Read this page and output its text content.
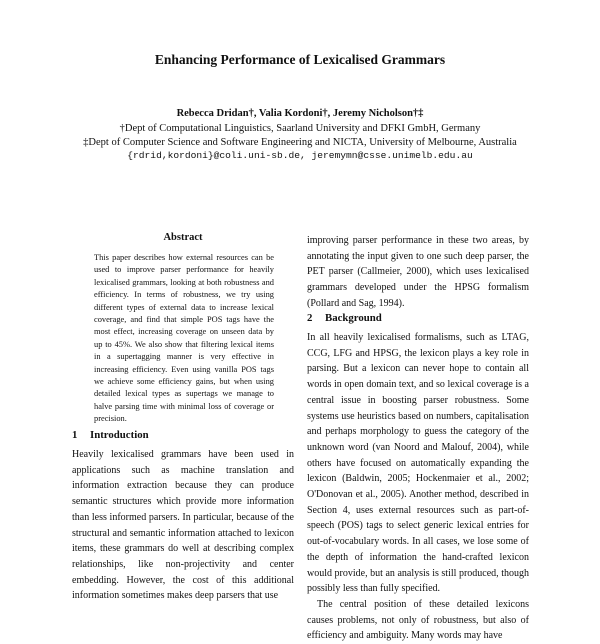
Enhancing Performance of Lexicalised Grammars
Rebecca Dridan†, Valia Kordoni†, Jeremy Nicholson†‡
†Dept of Computational Linguistics, Saarland University and DFKI GmbH, Germany
‡Dept of Computer Science and Software Engineering and NICTA, University of Melbourne, Australia
{rdrid,kordoni}@coli.uni-sb.de, jeremymn@csse.unimelb.edu.au
Abstract
This paper describes how external resources can be used to improve parser performance for heavily lexicalised grammars, looking at both robustness and efficiency. In terms of robustness, we try using different types of external data to increase lexical coverage, and find that simple POS tags have the most effect, increasing coverage on unseen data by up to 45%. We also show that filtering lexical items in a supertagging manner is very effective in increasing efficiency. Even using vanilla POS tags we achieve some efficiency gains, but when using detailed lexical types as supertags we manage to halve parsing time with minimal loss of coverage or precision.
1 Introduction

Heavily lexicalised grammars have been used in applications such as machine translation and information extraction because they can produce semantic structures which provide more information than less informed parsers. In particular, because of the structural and semantic information attached to lexicon items, these grammars do well at describing complex relationships, like non-projectivity and center embedding. However, the cost of this additional information sometimes makes deep parsers that use

improving parser performance in these two areas, by annotating the input given to one such deep parser, the PET parser (Callmeier, 2000), which uses lexicalised grammars developed under the HPSG formalism (Pollard and Sag, 1994).

2 Background

In all heavily lexicalised formalisms, such as LTAG, CCG, LFG and HPSG, the lexicon plays a key role in parsing. But a lexicon can never hope to contain all words in open domain text, and so lexical coverage is a central issue in boosting parser robustness. Some systems use heuristics based on numbers, capitalisation and perhaps morphology to guess the category of the unknown word (van Noord and Malouf, 2004), while others have focused on automatically expanding the lexicon (Baldwin, 2005; Hockenmaier et al., 2002; O'Donovan et al., 2005). Another method, described in Section 4, uses external resources such as part-of-speech (POS) tags to select generic lexical entries for out-of-vocabulary words. In all cases, we lose some of the depth of information the hand-crafted lexicon would provide, but an analysis is still produced, though possibly less than fully specified.

The central position of these detailed lexicons causes problems, not only of robustness, but also of efficiency and ambiguity. Many words may have
